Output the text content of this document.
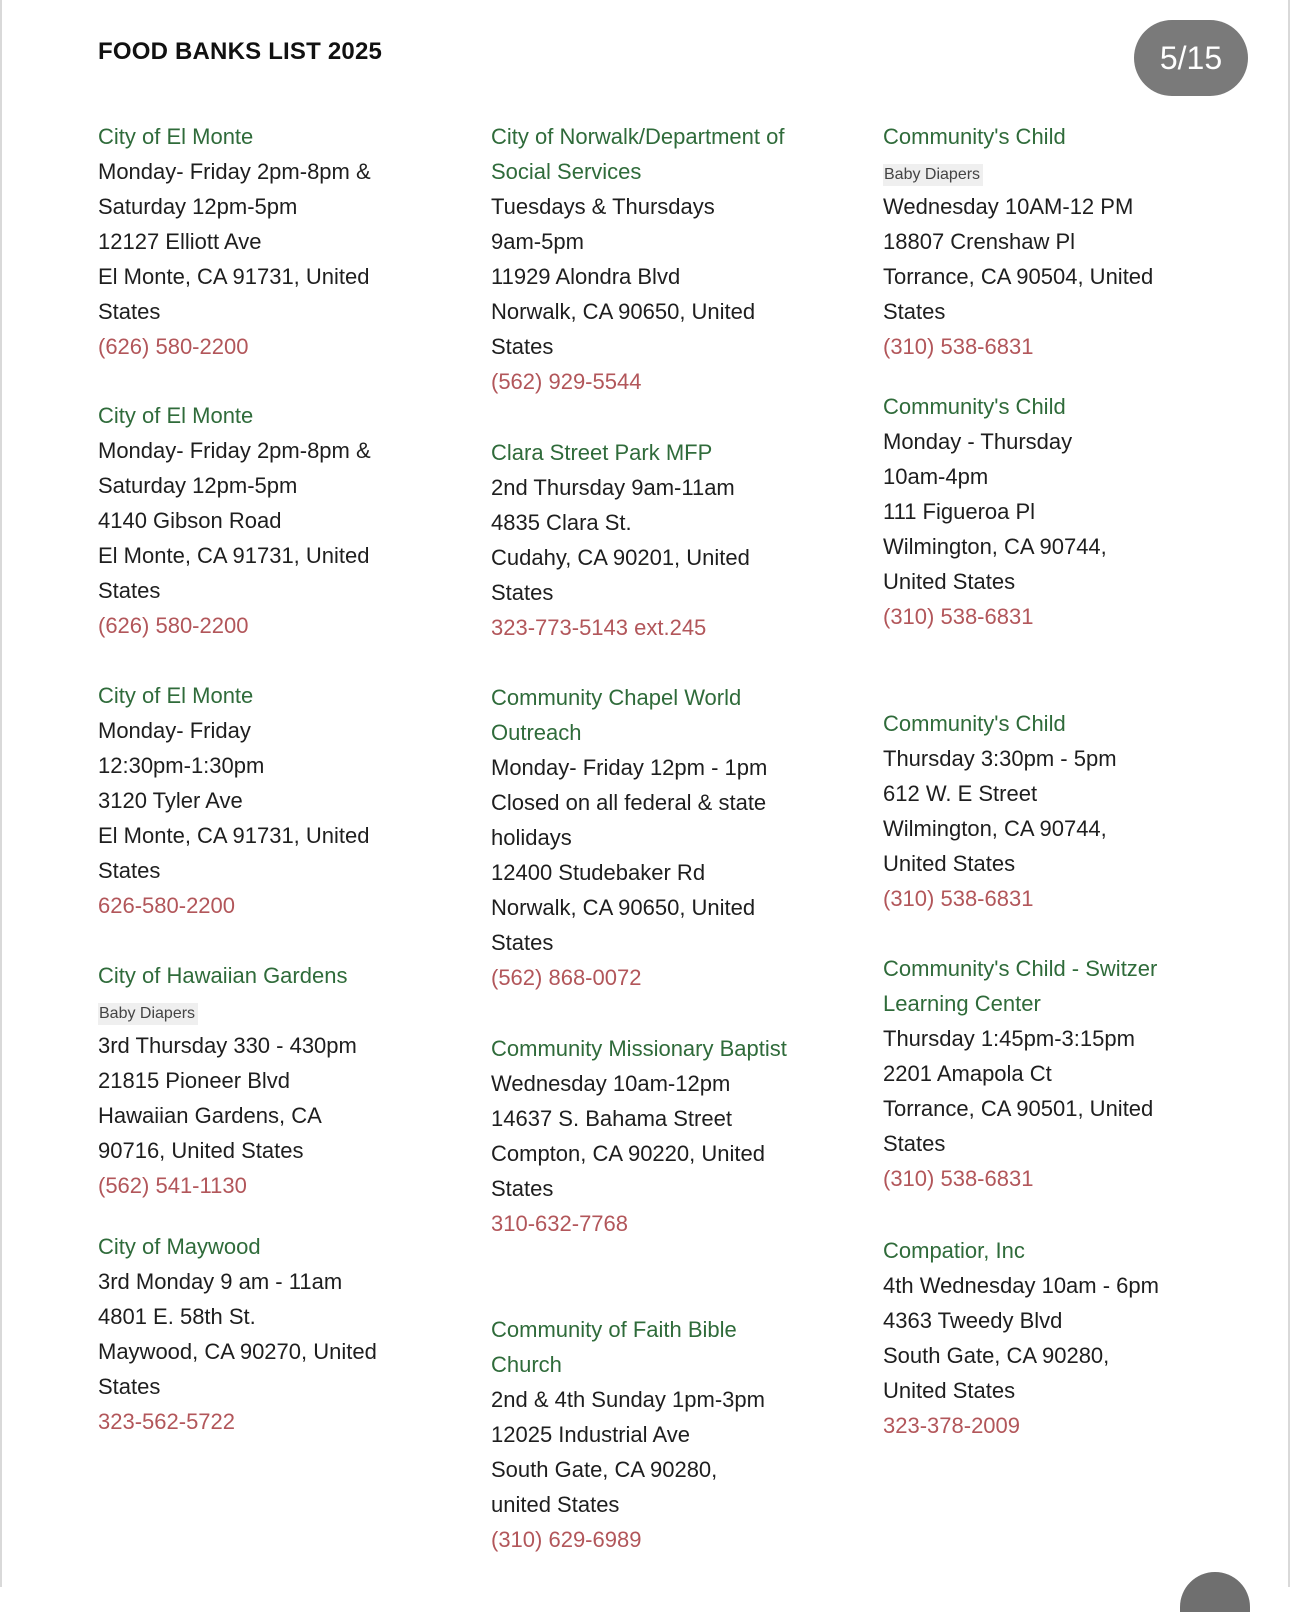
FOOD BANKS LIST 2025	5/15
City of El Monte
Monday- Friday 2pm-8pm &
Saturday 12pm-5pm
12127 Elliott Ave
El Monte, CA 91731, United
States
(626) 580-2200
City of El Monte
Monday- Friday 2pm-8pm &
Saturday 12pm-5pm
4140 Gibson Road
El Monte, CA 91731, United
States
(626) 580-2200
City of El Monte
Monday- Friday
12:30pm-1:30pm
3120 Tyler Ave
El Monte, CA 91731, United
States
626-580-2200
City of Hawaiian Gardens
Baby Diapers
3rd Thursday 330 - 430pm
21815 Pioneer Blvd
Hawaiian Gardens, CA
90716, United States
(562) 541-1130
City of Maywood
3rd Monday 9 am - 11am
4801 E. 58th St.
Maywood, CA 90270, United
States
323-562-5722
City of Norwalk/Department of Social Services
Tuesdays & Thursdays
9am-5pm
11929 Alondra Blvd
Norwalk, CA 90650, United
States
(562) 929-5544
Clara Street Park MFP
2nd Thursday 9am-11am
4835 Clara St.
Cudahy, CA 90201, United
States
323-773-5143 ext.245
Community Chapel World Outreach
Monday- Friday 12pm - 1pm
Closed on all federal & state
holidays
12400 Studebaker Rd
Norwalk, CA 90650, United
States
(562) 868-0072
Community Missionary Baptist
Wednesday 10am-12pm
14637 S. Bahama Street
Compton, CA 90220, United
States
310-632-7768
Community of Faith Bible Church
2nd & 4th Sunday 1pm-3pm
12025 Industrial Ave
South Gate, CA 90280,
united States
(310) 629-6989
Community's Child
Baby Diapers
Wednesday 10AM-12 PM
18807 Crenshaw Pl
Torrance, CA 90504, United
States
(310) 538-6831
Community's Child
Monday - Thursday
10am-4pm
111 Figueroa Pl
Wilmington, CA 90744,
United States
(310) 538-6831
Community's Child
Thursday 3:30pm - 5pm
612 W. E Street
Wilmington, CA 90744,
United States
(310) 538-6831
Community's Child - Switzer Learning Center
Thursday 1:45pm-3:15pm
2201 Amapola Ct
Torrance, CA 90501, United
States
(310) 538-6831
Compatior, Inc
4th Wednesday 10am - 6pm
4363 Tweedy Blvd
South Gate, CA 90280,
United States
323-378-2009
